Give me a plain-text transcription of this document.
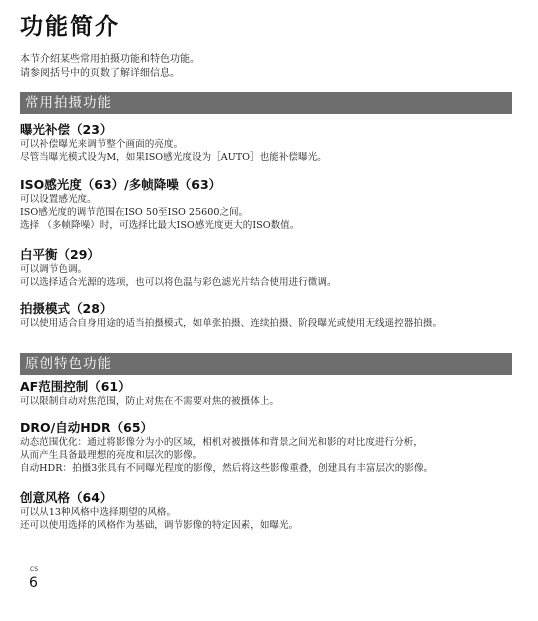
功能简介
本节介绍某些常用拍摄功能和特色功能。
请参阅括号中的页数了解详细信息。
常用拍摄功能
曝光补偿（23）
可以补偿曝光来调节整个画面的亮度。
尽管当曝光模式设为M，如果ISO感光度设为［AUTO］也能补偿曝光。
ISO感光度（63）/多帧降噪（63）
可以设置感光度。
ISO感光度的调节范围在ISO 50至ISO 25600之间。
选择 （多帧降噪）时，可选择比最大ISO感光度更大的ISO数值。
白平衡（29）
可以调节色调。
可以选择适合光源的选项，也可以将色温与彩色滤光片结合使用进行微调。
拍摄模式（28）
可以使用适合自身用途的适当拍摄模式，如单张拍摄、连续拍摄、阶段曝光或使用无线遥控器拍摄。
原创特色功能
AF范围控制（61）
可以限制自动对焦范围，防止对焦在不需要对焦的被摄体上。
DRO/自动HDR（65）
动态范围优化：通过将影像分为小的区域，相机对被摄体和背景之间光和影的对比度进行分析，
从而产生具备最理想的亮度和层次的影像。
自动HDR：拍摄3张具有不同曝光程度的影像，然后将这些影像重叠，创建具有丰富层次的影像。
创意风格（64）
可以从13种风格中选择期望的风格。
还可以使用选择的风格作为基础，调节影像的特定因素，如曝光。
CS
6
